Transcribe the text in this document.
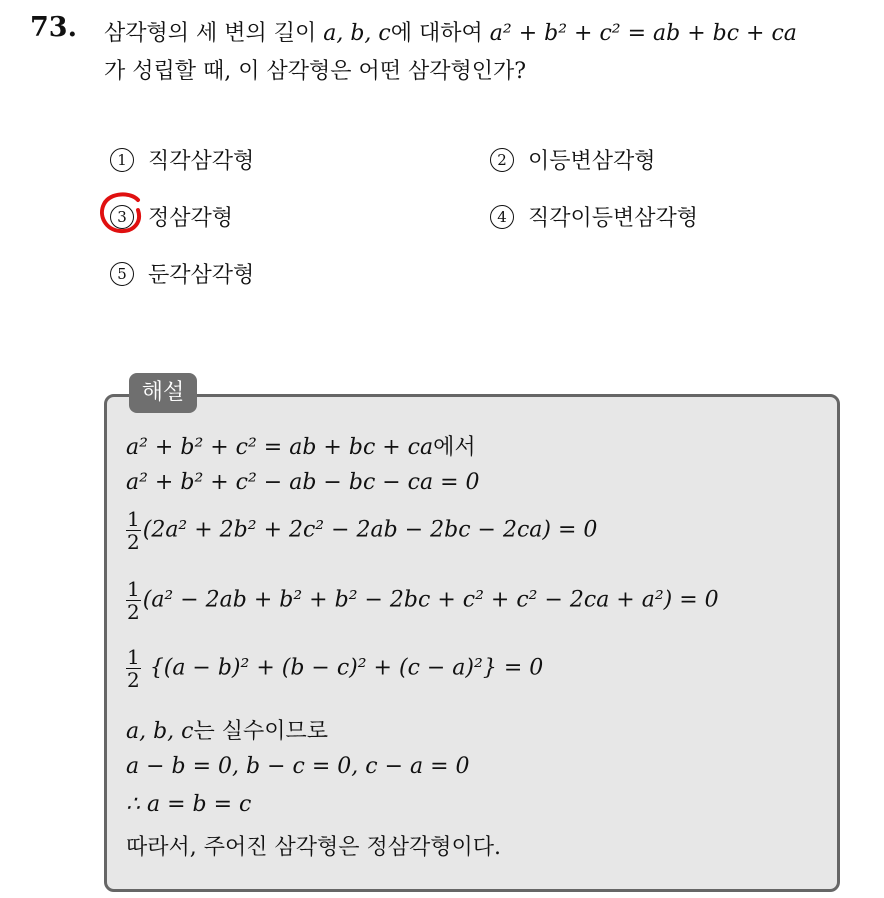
73. 삼각형의 세 변의 길이 a, b, c에 대하여 a² + b² + c² = ab + bc + ca
가 성립할 때, 이 삼각형은 어떤 삼각형인가?
1 직각삼각형	2 이등변삼각형
3 정삼각형	4 직각이등변삼각형
5 둔각삼각형
해설
a² + b² + c² = ab + bc + ca에서
a² + b² + c² − ab − bc − ca = 0
$\frac{1}{2} (2a^2 + 2b^2 + 2c^2 - 2ab - 2bc - 2ca) = 0$
$\frac{1}{2} (a^2 - 2ab + b^2 + b^2 - 2bc + c^2 + c^2 - 2ca + a^2) = 0$
$\frac{1}{2} \{(a - b)^2 + (b - c)^2 + (c - a)^2\} = 0$
a, b, c는 실수이므로
a − b = 0, b − c = 0, c − a = 0
∴ a = b = c
따라서, 주어진 삼각형은 정삼각형이다.
